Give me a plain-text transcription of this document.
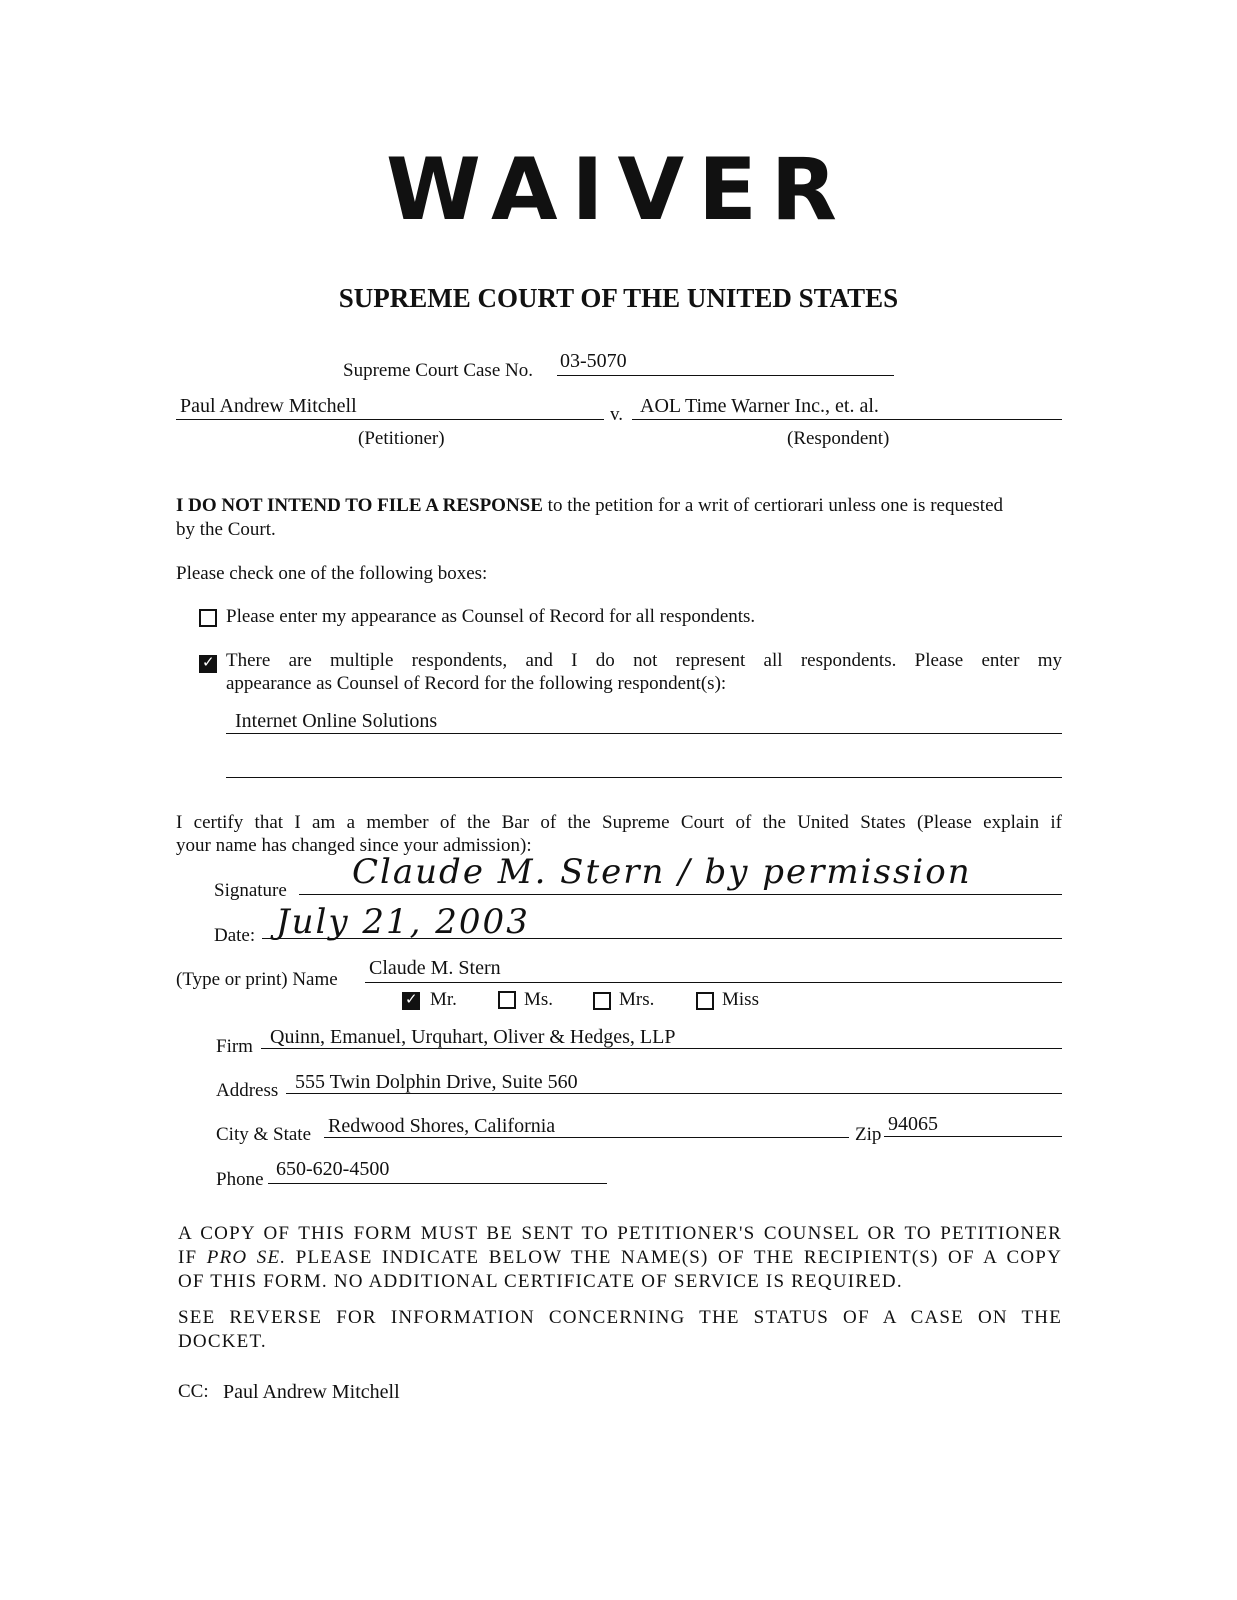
WAIVER
SUPREME COURT OF THE UNITED STATES
Supreme Court Case No. 03-5070
Paul Andrew Mitchell	v. AOL Time Warner Inc., et. al.
(Petitioner)	(Respondent)
I DO NOT INTEND TO FILE A RESPONSE to the petition for a writ of certiorari unless one is requested
by the Court.
Please check one of the following boxes:
Please enter my appearance as Counsel of Record for all respondents.
✓
There are multiple respondents, and I do not represent all respondents. Please enter my
appearance as Counsel of Record for the following respondent(s):
Internet Online Solutions
I certify that I am a member of the Bar of the Supreme Court of the United States (Please explain if
your name has changed since your admission):
Signature Claude M. Stern / by permission
Date: July 21, 2003
(Type or print) Name
Claude M. Stern
✓
Mr.	Ms.	Mrs.	Miss
Firm Quinn, Emanuel, Urquhart, Oliver & Hedges, LLP
Address 555 Twin Dolphin Drive, Suite 560
City & State Redwood Shores, California	Zip 94065
Phone 650-620-4500
A COPY OF THIS FORM MUST BE SENT TO PETITIONER'S COUNSEL OR TO PETITIONER
IF PRO SE. PLEASE INDICATE BELOW THE NAME(S) OF THE RECIPIENT(S) OF A COPY
OF THIS FORM. NO ADDITIONAL CERTIFICATE OF SERVICE IS REQUIRED.
SEE REVERSE FOR INFORMATION CONCERNING THE STATUS OF A CASE ON THE
DOCKET.
CC: Paul Andrew Mitchell
